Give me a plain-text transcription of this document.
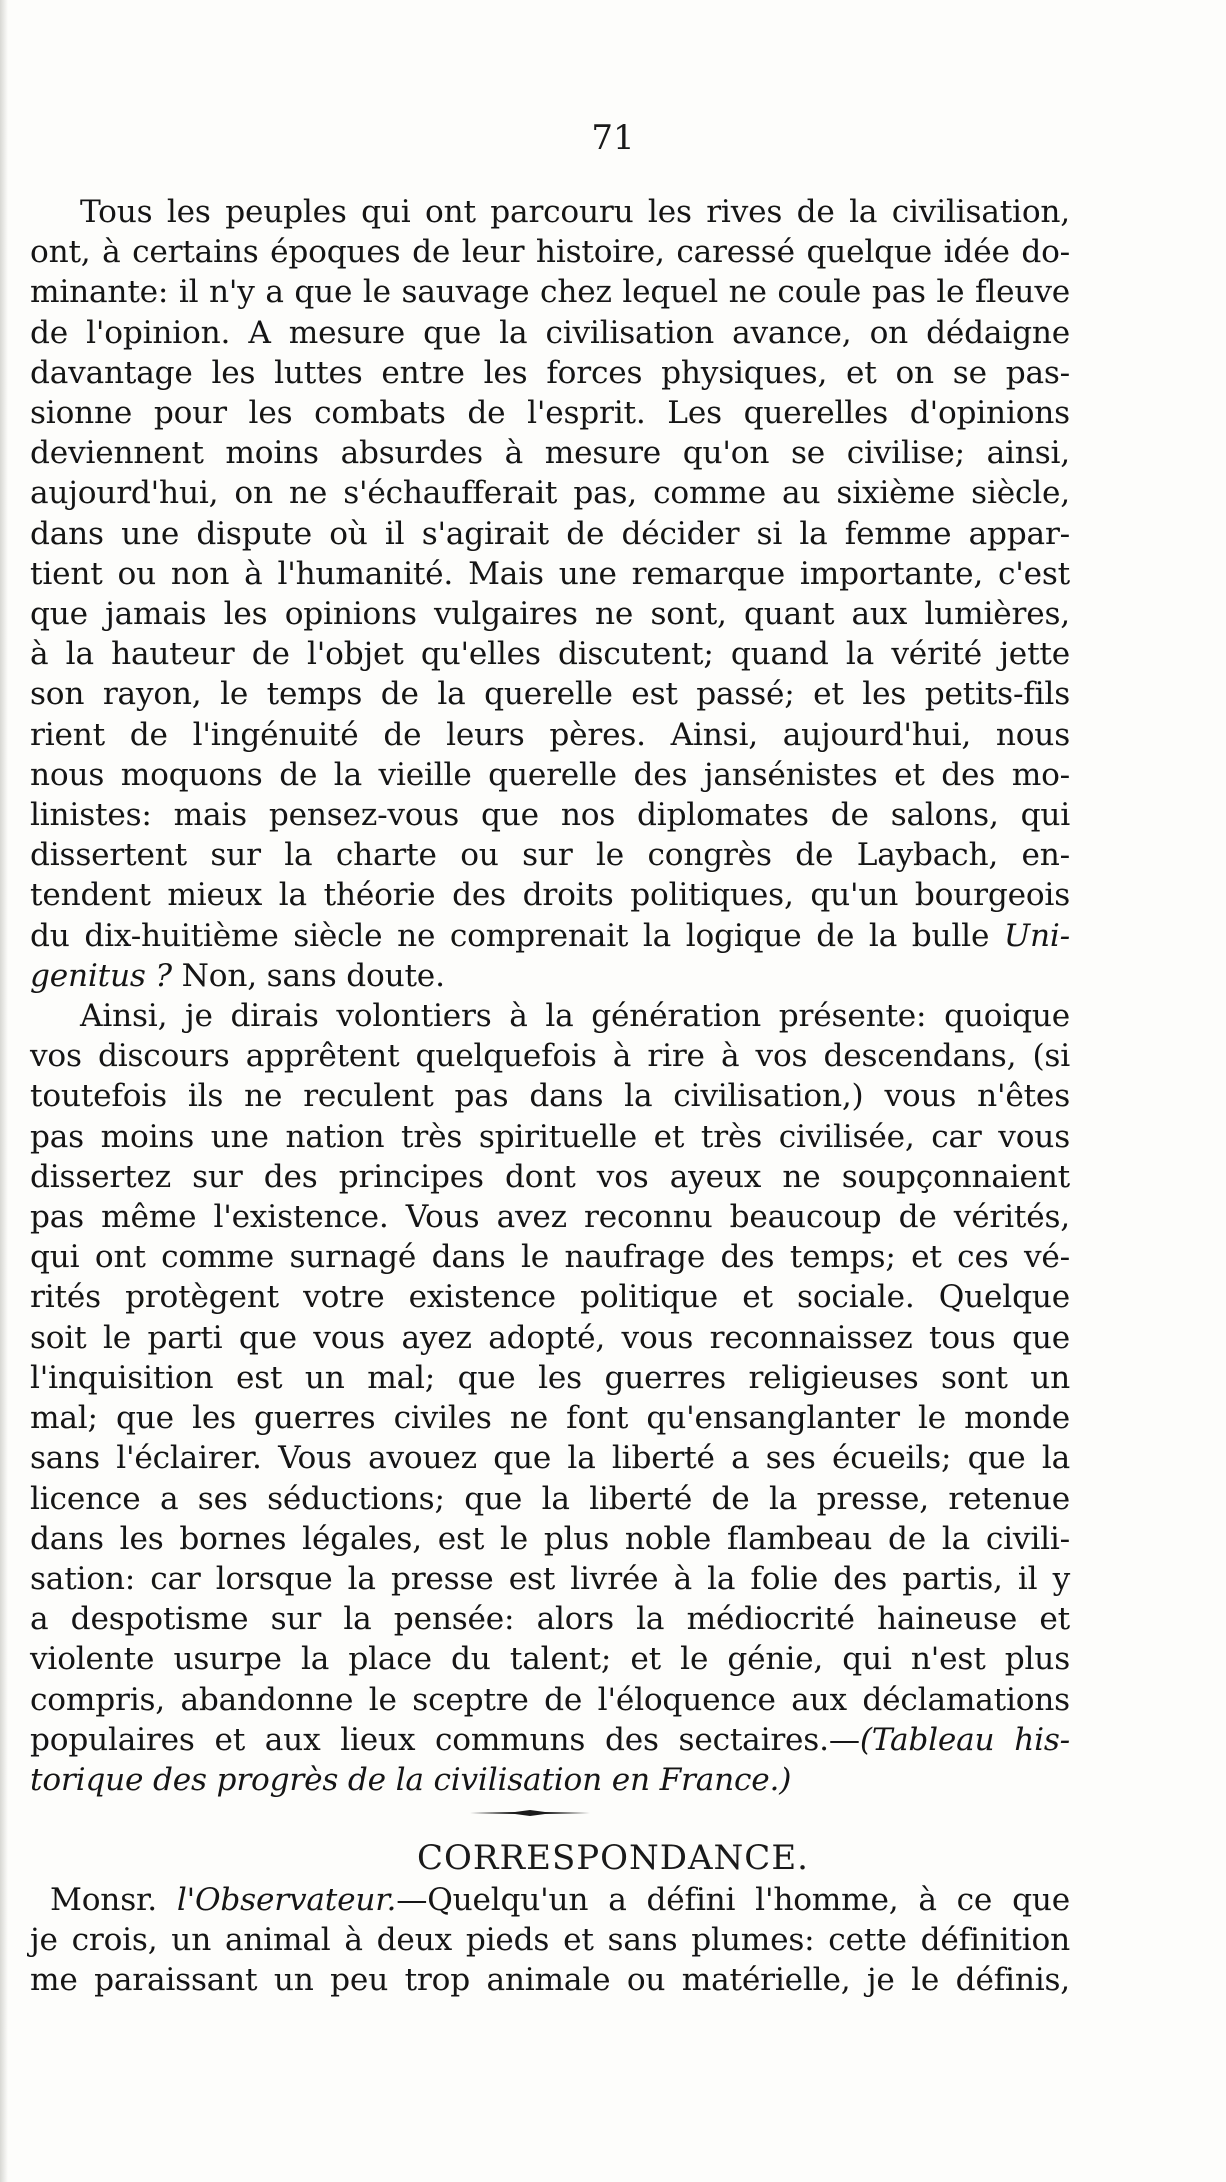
71

Tous les peuples qui ont parcouru les rives de la civilisation,
ont, à certains époques de leur histoire, caressé quelque idée do-
minante: il n'y a que le sauvage chez lequel ne coule pas le fleuve
de l'opinion. A mesure que la civilisation avance, on dédaigne
davantage les luttes entre les forces physiques, et on se pas-
sionne pour les combats de l'esprit. Les querelles d'opinions
deviennent moins absurdes à mesure qu'on se civilise; ainsi,
aujourd'hui, on ne s'échaufferait pas, comme au sixième siècle,
dans une dispute où il s'agirait de décider si la femme appar-
tient ou non à l'humanité. Mais une remarque importante, c'est
que jamais les opinions vulgaires ne sont, quant aux lumières,
à la hauteur de l'objet qu'elles discutent; quand la vérité jette
son rayon, le temps de la querelle est passé; et les petits-fils
rient de l'ingénuité de leurs pères. Ainsi, aujourd'hui, nous
nous moquons de la vieille querelle des jansénistes et des mo-
linistes: mais pensez-vous que nos diplomates de salons, qui
dissertent sur la charte ou sur le congrès de Laybach, en-
tendent mieux la théorie des droits politiques, qu'un bourgeois
du dix-huitième siècle ne comprenait la logique de la bulle Uni-
genitus ? Non, sans doute.

Ainsi, je dirais volontiers à la génération présente: quoique
vos discours apprêtent quelquefois à rire à vos descendans, (si
toutefois ils ne reculent pas dans la civilisation,) vous n'êtes
pas moins une nation très spirituelle et très civilisée, car vous
dissertez sur des principes dont vos ayeux ne soupçonnaient
pas même l'existence. Vous avez reconnu beaucoup de vérités,
qui ont comme surnagé dans le naufrage des temps; et ces vé-
rités protègent votre existence politique et sociale. Quelque
soit le parti que vous ayez adopté, vous reconnaissez tous que
l'inquisition est un mal; que les guerres religieuses sont un
mal; que les guerres civiles ne font qu'ensanglanter le monde
sans l'éclairer. Vous avouez que la liberté a ses écueils; que la
licence a ses séductions; que la liberté de la presse, retenue
dans les bornes légales, est le plus noble flambeau de la civili-
sation: car lorsque la presse est livrée à la folie des partis, il y
a despotisme sur la pensée: alors la médiocrité haineuse et
violente usurpe la place du talent; et le génie, qui n'est plus
compris, abandonne le sceptre de l'éloquence aux déclamations
populaires et aux lieux communs des sectaires.—(Tableau his-
torique des progrès de la civilisation en France.)

CORRESPONDANCE.

Monsr. l'Observateur.—Quelqu'un a défini l'homme, à ce que
je crois, un animal à deux pieds et sans plumes: cette définition
me paraissant un peu trop animale ou matérielle, je le définis,
